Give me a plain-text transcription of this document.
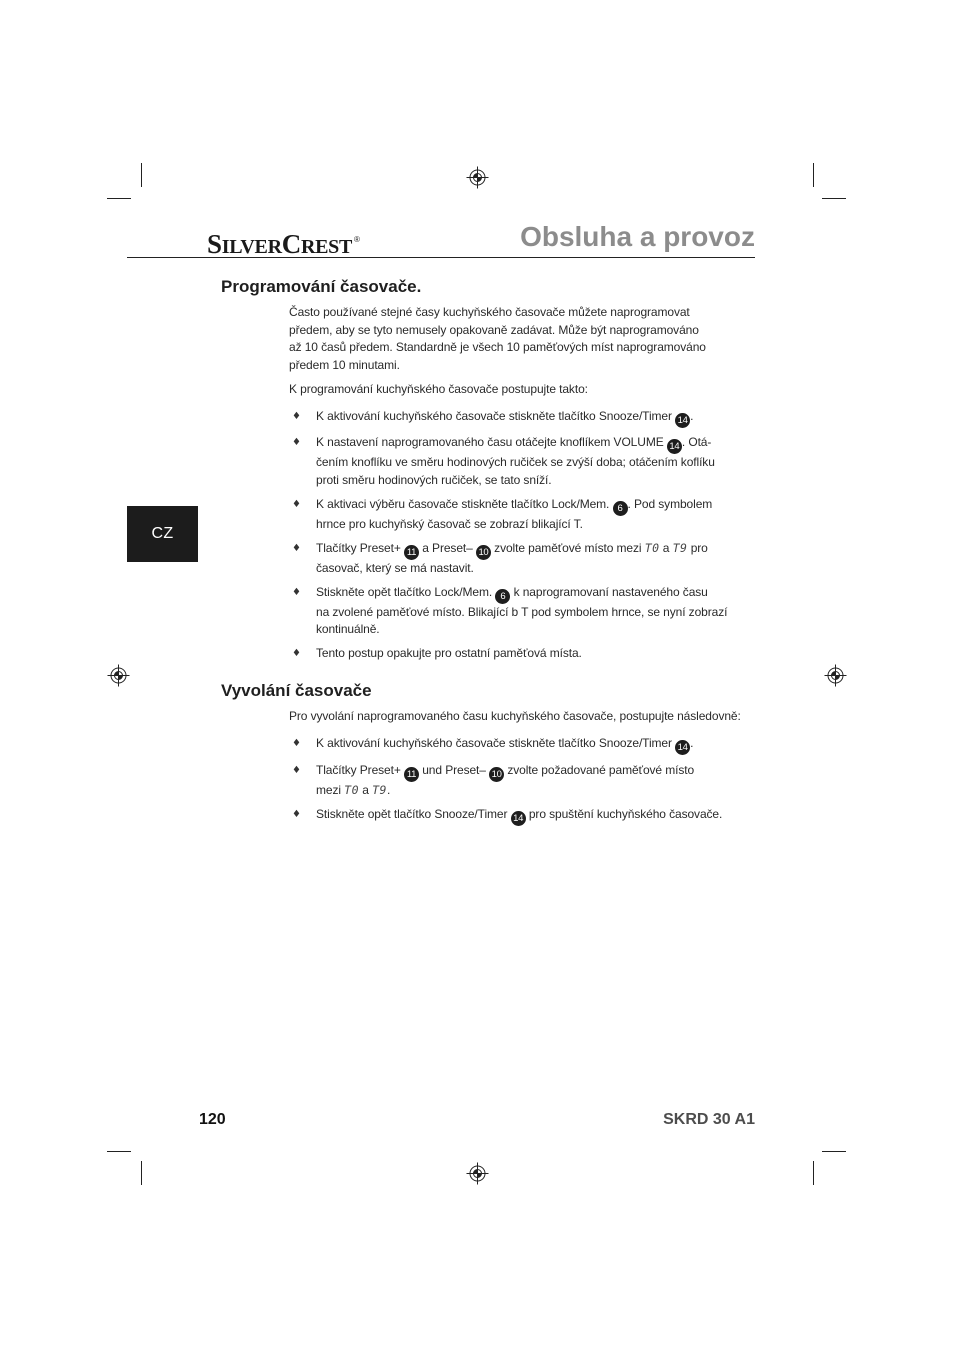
SILVERCREST ®	Obsluha a provoz
CZ
Programování časovače.

Často používané stejné časy kuchyňského časovače můžete naprogramovat
předem, aby se tyto nemusely opakovaně zadávat. Může být naprogramováno
až 10 časů předem. Standardně je všech 10 paměťových míst naprogramováno
předem 10 minutami.

K programování kuchyňského časovače postupujte takto:

♦ K aktivování kuchyňského časovače stiskněte tlačítko Snooze/Timer 14 .
♦ K nastavení naprogramovaného času otáčejte knoflíkem VOLUME 14 . Otá-
čením knoflíku ve směru hodinových ručiček se zvýší doba; otáčením koflíku
proti směru hodinových ručiček, se tato sníží.
♦ K aktivaci výběru časovače stiskněte tlačítko Lock/Mem. 6 . Pod symbolem
hrnce pro kuchyňský časovač se zobrazí blikající T.
♦ Tlačítky Preset+ 11 a Preset– 10 zvolte paměťové místo mezi T0 a T9 pro
časovač, který se má nastavit.
♦ Stiskněte opět tlačítko Lock/Mem. 6 k naprogramovaní nastaveného času
na zvolené paměťové místo. Blikající b T pod symbolem hrnce, se nyní zobrazí
kontinuálně.
♦ Tento postup opakujte pro ostatní paměťová místa.
Vyvolání časovače

Pro vyvolání naprogramovaného času kuchyňského časovače, postupujte následovně:

♦ K aktivování kuchyňského časovače stiskněte tlačítko Snooze/Timer 14 .
♦ Tlačítky Preset+ 11 und Preset– 10 zvolte požadované paměťové místo
mezi T0 a T9.
♦ Stiskněte opět tlačítko Snooze/Timer 14 pro spuštění kuchyňského časovače.
120	SKRD 30 A1
